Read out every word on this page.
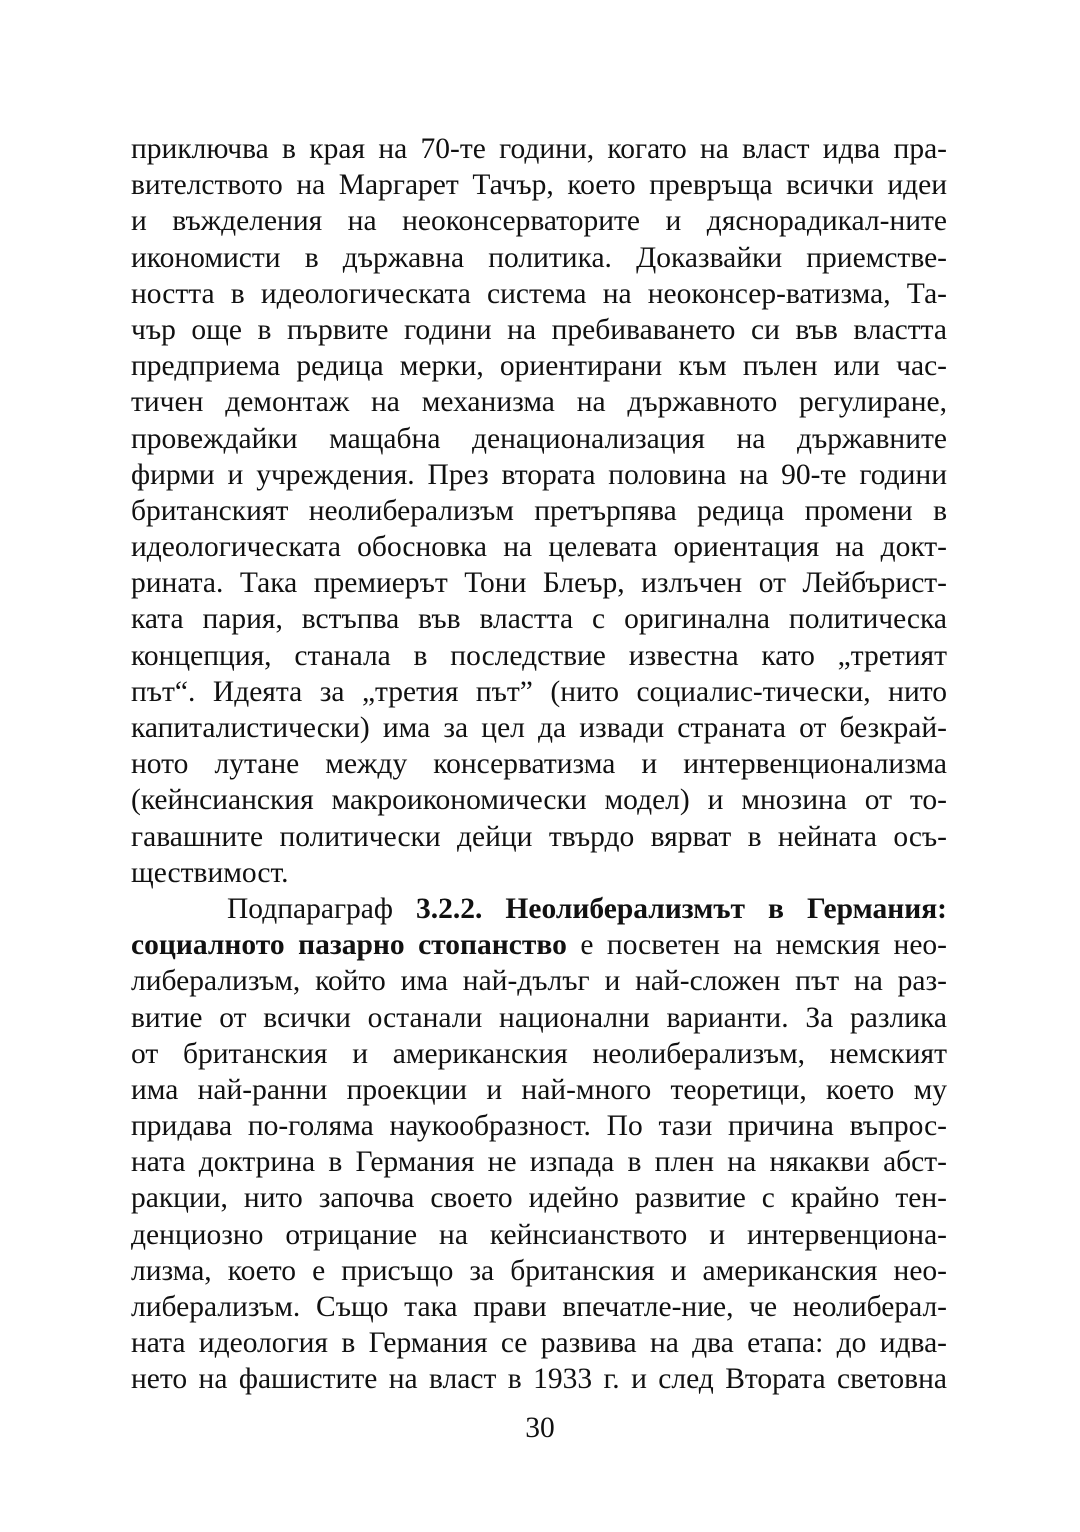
приключва в края на 70-те години, когато на власт идва пра-
вителството на Маргарет Тачър, което превръща всички идеи
и въжделения на неоконсерваторите и дяснорадикал-ните
икономисти в държавна политика. Доказвайки приемстве-
ността в идеологическата система на неоконсер-ватизма, Та-
чър още в първите години на пребиваването си във властта
предприема редица мерки, ориентирани към пълен или час-
тичен демонтаж на механизма на държавното регулиране,
провеждайки мащабна денационализация на държавните
фирми и учреждения. През втората половина на 90-те години
британският неолиберализъм претърпява редица промени в
идеологическата обосновка на целевата ориентация на докт-
рината. Така премиерът Тони Блеър, излъчен от Лейбърист-
ката пария, встъпва във властта с оригинална политическа
концепция, станала в последствие известна като „третият
път“. Идеята за „третия път” (нито социалис-тически, нито
капиталистически) има за цел да извади страната от безкрай-
ното лутане между консерватизма и интервенционализма
(кейнсианския макроикономически модел) и мнозина от то-
гавашните политически дейци твърдо вярват в нейната осъ-
ществимост.
Подпараграф 3.2.2. Неолиберализмът в Германия:
социалното пазарно стопанство е посветен на немския нео-
либерализъм, който има най-дълъг и най-сложен път на раз-
витие от всички останали национални варианти. За разлика
от британския и американския неолиберализъм, немският
има най-ранни проекции и най-много теоретици, което му
придава по-голяма наукообразност. По тази причина въпрос-
ната доктрина в Германия не изпада в плен на някакви абст-
ракции, нито започва своето идейно развитие с крайно тен-
денциозно отрицание на кейнсианството и интервенциона-
лизма, което е присъщо за британския и американския нео-
либерализъм. Също така прави впечатле-ние, че неолиберал-
ната идеология в Германия се развива на два етапа: до идва-
нето на фашистите на власт в 1933 г. и след Втората световна
30
